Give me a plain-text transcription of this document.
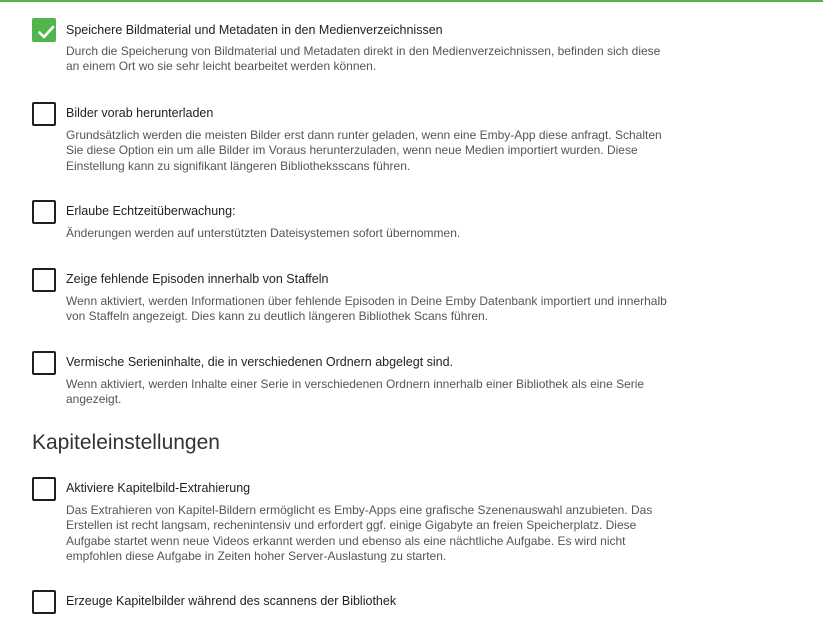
Speichere Bildmaterial und Metadaten in den Medienverzeichnissen
Durch die Speicherung von Bildmaterial und Metadaten direkt in den Medienverzeichnissen, befinden sich diese
an einem Ort wo sie sehr leicht bearbeitet werden können.
Bilder vorab herunterladen
Grundsätzlich werden die meisten Bilder erst dann runter geladen, wenn eine Emby-App diese anfragt. Schalten
Sie diese Option ein um alle Bilder im Voraus herunterzuladen, wenn neue Medien importiert wurden. Diese
Einstellung kann zu signifikant längeren Bibliotheksscans führen.
Erlaube Echtzeitüberwachung:
Änderungen werden auf unterstützten Dateisystemen sofort übernommen.
Zeige fehlende Episoden innerhalb von Staffeln
Wenn aktiviert, werden Informationen über fehlende Episoden in Deine Emby Datenbank importiert und innerhalb
von Staffeln angezeigt. Dies kann zu deutlich längeren Bibliothek Scans führen.
Vermische Serieninhalte, die in verschiedenen Ordnern abgelegt sind.
Wenn aktiviert, werden Inhalte einer Serie in verschiedenen Ordnern innerhalb einer Bibliothek als eine Serie
angezeigt.
Kapiteleinstellungen
Aktiviere Kapitelbild-Extrahierung
Das Extrahieren von Kapitel-Bildern ermöglicht es Emby-Apps eine grafische Szenenauswahl anzubieten. Das
Erstellen ist recht langsam, rechenintensiv und erfordert ggf. einige Gigabyte an freien Speicherplatz. Diese
Aufgabe startet wenn neue Videos erkannt werden und ebenso als eine nächtliche Aufgabe. Es wird nicht
empfohlen diese Aufgabe in Zeiten hoher Server-Auslastung zu starten.
Erzeuge Kapitelbilder während des scannens der Bibliothek
